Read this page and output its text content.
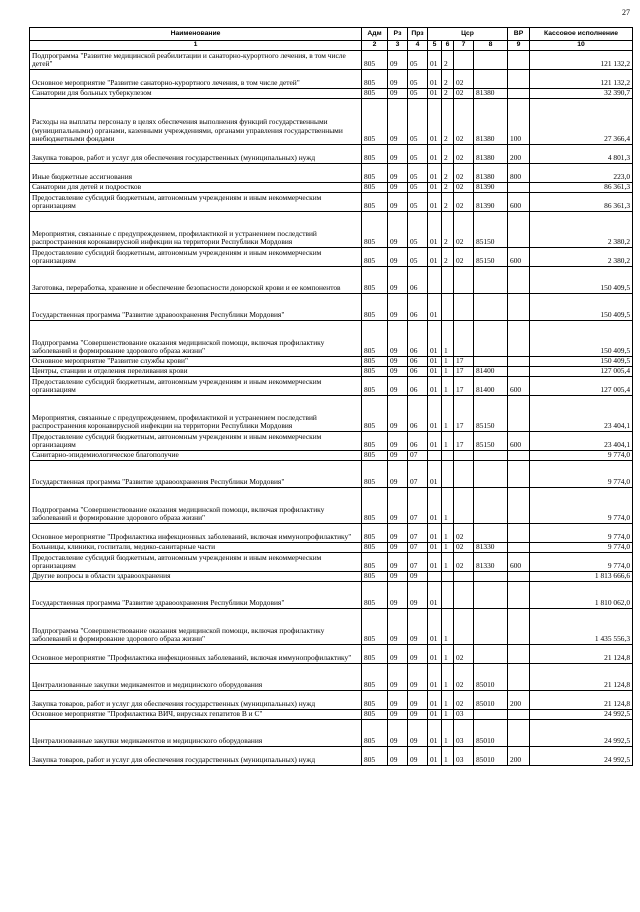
27
Наименование	Адм	Рз	Прз	Цср				ВР	Кассовое исполнение
1	2	3	4	5	6	7	8	9	10
Подпрограмма "Развитие медицинской реабилитации и санаторно-курортного лечения, в том числе детей"	805	09	05	01	2				121 132,2
Основное мероприятие "Развитие санаторно-курортного лечения, в том числе детей"	805	09	05	01	2	02			121 132,2
Санатории для больных туберкулезом	805	09	05	01	2	02	81380		32 390,7
Расходы на выплаты персоналу в целях обеспечения выполнения функций государственными (муниципальными) органами, казенными учреждениями, органами управления государственными внебюджетными фондами	805	09	05	01	2	02	81380	100	27 366,4
Закупка товаров, работ и услуг для обеспечения государственных (муниципальных) нужд	805	09	05	01	2	02	81380	200	4 801,3
Иные бюджетные ассигнования	805	09	05	01	2	02	81380	800	223,0
Санатории для детей и подростков	805	09	05	01	2	02	81390		86 361,3
Предоставление субсидий бюджетным, автономным учреждениям и иным некоммерческим организациям	805	09	05	01	2	02	81390	600	86 361,3
Мероприятия, связанные с предупреждением, профилактикой и устранением последствий распространения коронавирусной инфекции на территории Республики Мордовия	805	09	05	01	2	02	85150		2 380,2
Предоставление субсидий бюджетным, автономным учреждениям и иным некоммерческим организациям	805	09	05	01	2	02	85150	600	2 380,2
Заготовка, переработка, хранение и обеспечение безопасности донорской крови и ее компонентов	805	09	06						150 409,5
Государственная программа "Развитие здравоохранения Республики Мордовия"	805	09	06	01					150 409,5
Подпрограмма "Совершенствование оказания медицинской помощи, включая профилактику заболеваний и формирование здорового образа жизни"	805	09	06	01	1				150 409,5
Основное мероприятие "Развитие службы крови"	805	09	06	01	1	17			150 409,5
Центры, станции и отделения переливания крови	805	09	06	01	1	17	81400		127 005,4
Предоставление субсидий бюджетным, автономным учреждениям и иным некоммерческим организациям	805	09	06	01	1	17	81400	600	127 005,4
Мероприятия, связанные с предупреждением, профилактикой и устранением последствий распространения коронавирусной инфекции на территории Республики Мордовия	805	09	06	01	1	17	85150		23 404,1
Предоставление субсидий бюджетным, автономным учреждениям и иным некоммерческим организациям	805	09	06	01	1	17	85150	600	23 404,1
Санитарно-эпидемиологическое благополучие	805	09	07						9 774,0
Государственная программа "Развитие здравоохранения Республики Мордовия"	805	09	07	01					9 774,0
Подпрограмма "Совершенствование оказания медицинской помощи, включая профилактику заболеваний и формирование здорового образа жизни"	805	09	07	01	1				9 774,0
Основное мероприятие "Профилактика инфекционных заболеваний, включая иммунопрофилактику"	805	09	07	01	1	02			9 774,0
Больницы, клиники, госпитали, медико-санитарные части	805	09	07	01	1	02	81330		9 774,0
Предоставление субсидий бюджетным, автономным учреждениям и иным некоммерческим организациям	805	09	07	01	1	02	81330	600	9 774,0
Другие вопросы в области здравоохранения	805	09	09						1 813 666,6
Государственная программа "Развитие здравоохранения Республики Мордовия"	805	09	09	01					1 810 062,0
Подпрограмма "Совершенствование оказания медицинской помощи, включая профилактику заболеваний и формирование здорового образа жизни"	805	09	09	01	1				1 435 556,3
Основное мероприятие "Профилактика инфекционных заболеваний, включая иммунопрофилактику"	805	09	09	01	1	02			21 124,8
Централизованные закупки медикаментов и медицинского оборудования	805	09	09	01	1	02	85010		21 124,8
Закупка товаров, работ и услуг для обеспечения государственных (муниципальных) нужд	805	09	09	01	1	02	85010	200	21 124,8
Основное мероприятие "Профилактика ВИЧ, вирусных гепатитов В и С"	805	09	09	01	1	03			24 992,5
Централизованные закупки медикаментов и медицинского оборудования	805	09	09	01	1	03	85010		24 992,5
Закупка товаров, работ и услуг для обеспечения государственных (муниципальных) нужд	805	09	09	01	1	03	85010	200	24 992,5
